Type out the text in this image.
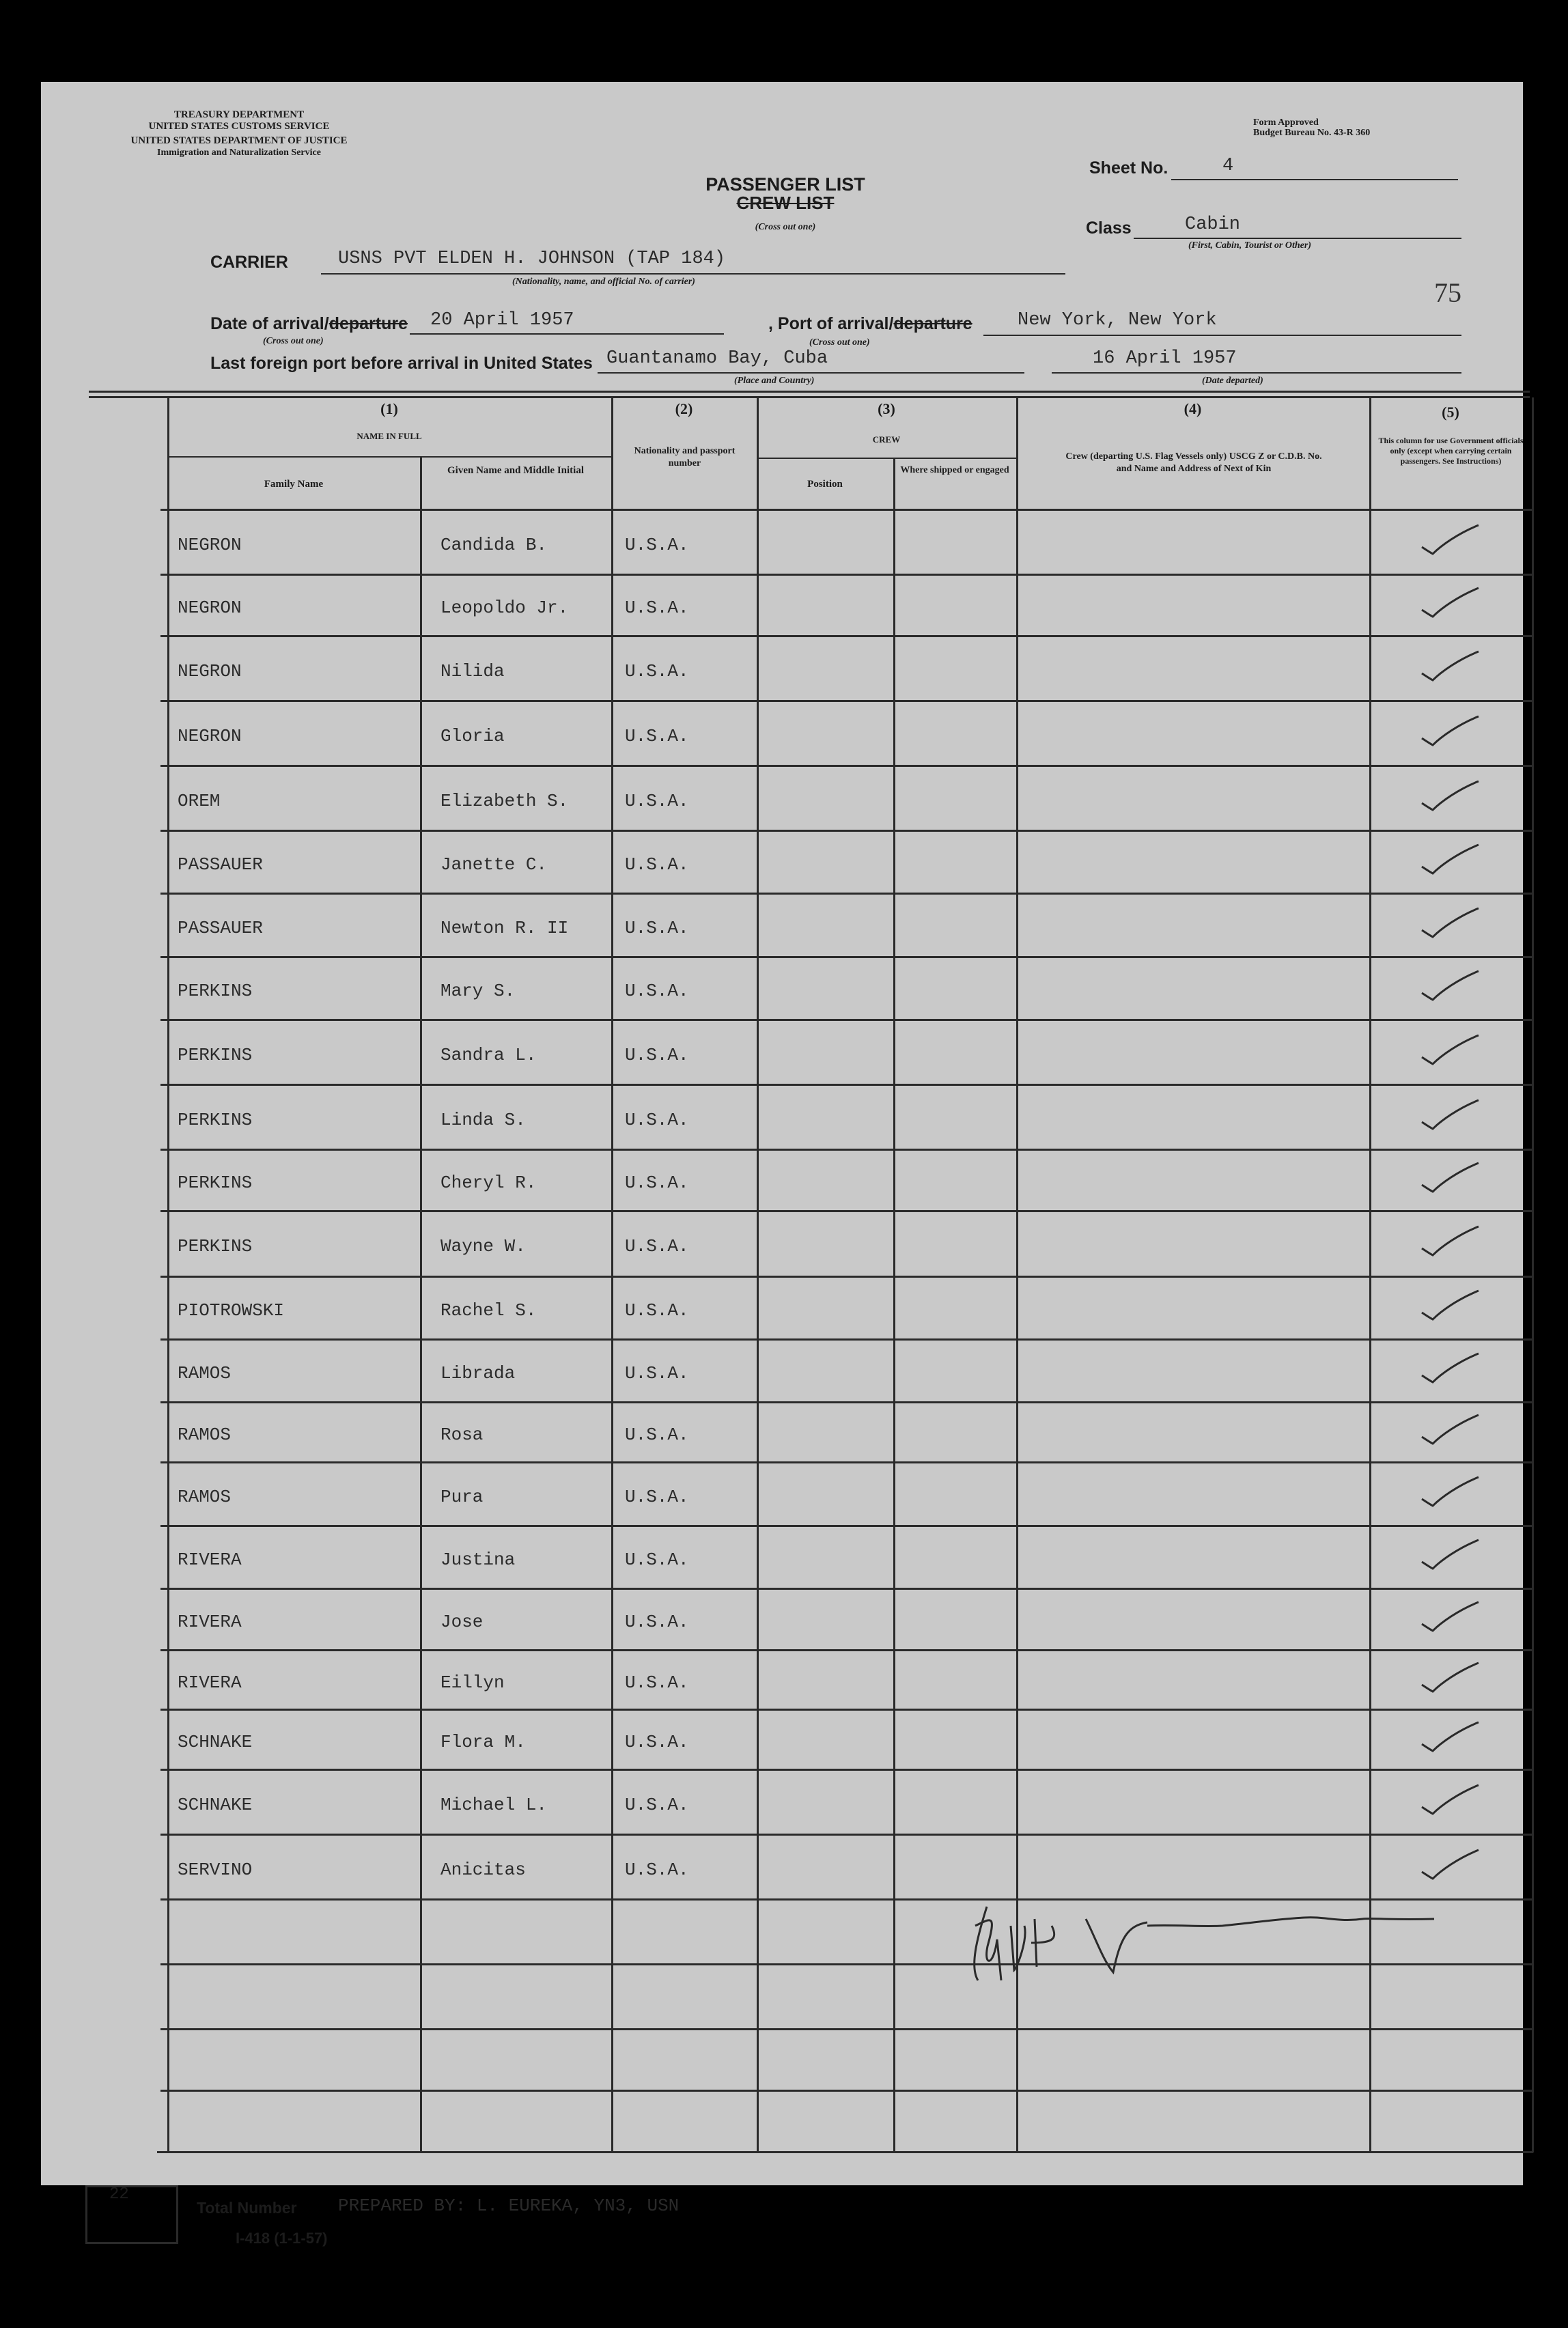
TREASURY DEPARTMENT
UNITED STATES CUSTOMS SERVICE
UNITED STATES DEPARTMENT OF JUSTICE
Immigration and Naturalization Service
Form Approved
Budget Bureau No. 43-R 360
PASSENGER LIST
CREW LIST
(Cross out one)
Sheet No.	4
Class	Cabin
(First, Cabin, Tourist or Other)
CARRIER	USNS PVT ELDEN H. JOHNSON (TAP 184)
(Nationality, name, and official No. of carrier)	75
Date of arrival/departure 20 April 1957
(Cross out one)
, Port of arrival/departure New York, New York
(Cross out one)
Last foreign port before arrival in United States Guantanamo Bay, Cuba
(Place and Country)
16 April 1957
(Date departed)
(1)
NAME IN FULL
Family Name
Given Name and Middle Initial
(2)
Nationality and passport number
(3)
CREW
Position
Where shipped or engaged
(4)
Crew (departing U.S. Flag Vessels only) USCG Z or C.D.B. No. and Name and Address of Next of Kin
(5)
This column for use Government officials only (except when carrying certain passengers. See Instructions)
NEGRON	Candida B.	U.S.A.
NEGRON	Leopoldo Jr.	U.S.A.
NEGRON	Nilida	U.S.A.
NEGRON	Gloria	U.S.A.
OREM	Elizabeth S.	U.S.A.
PASSAUER	Janette C.	U.S.A.
PASSAUER	Newton R. II	U.S.A.
PERKINS	Mary S.	U.S.A.
PERKINS	Sandra L.	U.S.A.
PERKINS	Linda S.	U.S.A.
PERKINS	Cheryl R.	U.S.A.
PERKINS	Wayne W.	U.S.A.
PIOTROWSKI	Rachel S.	U.S.A.
RAMOS	Librada	U.S.A.
RAMOS	Rosa	U.S.A.
RAMOS	Pura	U.S.A.
RIVERA	Justina	U.S.A.
RIVERA	Jose	U.S.A.
RIVERA	Eillyn	U.S.A.
SCHNAKE	Flora M.	U.S.A.
SCHNAKE	Michael L.	U.S.A.
SERVINO	Anicitas	U.S.A.
22
Total Number PREPARED BY: L. EUREKA, YN3, USN
I-418 (1-1-57)
